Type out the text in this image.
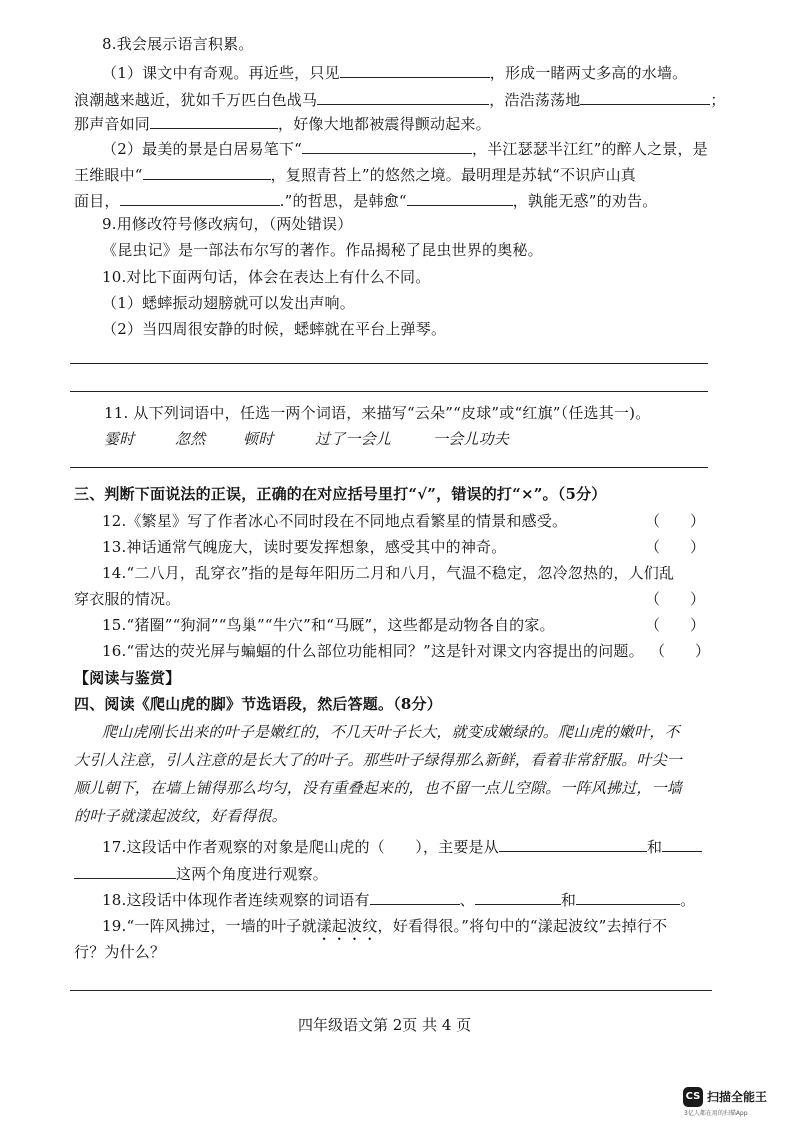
8.我会展示语言积累。
（1）课文中有奇观。再近些，只见	，形成一睹两丈多高的水墙。
浪潮越来越近，犹如千万匹白色战马	，浩浩荡荡地	；
那声音如同	，好像大地都被震得颤动起来。
（2）最美的景是白居易笔下“	，半江瑟瑟半江红”的醉人之景，是
王维眼中“	，复照青苔上”的悠然之境。最明理是苏轼“不识庐山真
面目，	.”的哲思，是韩愈“	，孰能无惑”的劝告。
9.用修改符号修改病句，（两处错误）
《昆虫记》是一部法布尔写的著作。作品揭秘了昆虫世界的奥秘。
10.对比下面两句话，体会在表达上有什么不同。
（1）蟋蟀振动翅膀就可以发出声响。
（2）当四周很安静的时候，蟋蟀就在平台上弹琴。
11. 从下列词语中，任选一两个词语，来描写“云朵”“皮球”或“红旗”（任选其一)。
霎时	忽然	顿时	过了一会儿	一会儿功夫
三、判断下面说法的正误，正确的在对应括号里打“√”，错误的打“×”。（5分）
12.《繁星》写了作者冰心不同时段在不同地点看繁星的情景和感受。	（　　）
13.神话通常气魄庞大，读时要发挥想象，感受其中的神奇。	（　　）
14.“二八月，乱穿衣”指的是每年阳历二月和八月，气温不稳定，忽冷忽热的，人们乱
穿衣服的情况。	（　　）
15.“猪圈”“狗洞”“鸟巢”“牛穴”和“马厩”，这些都是动物各自的家。	（　　）
16.“雷达的荧光屏与蝙蝠的什么部位功能相同？”这是针对课文内容提出的问题。 （　　）
【阅读与鉴赏】
四、阅读《爬山虎的脚》节选语段，然后答题。（8分）
爬山虎刚长出来的叶子是嫩红的，不几天叶子长大，就变成嫩绿的。爬山虎的嫩叶，不
大引人注意，引人注意的是长大了的叶子。那些叶子绿得那么新鲜，看着非常舒服。叶尖一
顺儿朝下，在墙上铺得那么均匀，没有重叠起来的，也不留一点儿空隙。一阵风拂过，一墙
的叶子就漾起波纹，好看得很。
17.这段话中作者观察的对象是爬山虎的（　　），主要是从	和
这两个角度进行观察。
18.这段话中体现作者连续观察的词语有	、	和	。
19.“一阵风拂过，一墙的叶子就漾起波纹，好看得很。”将句中的“漾起波纹”去掉行不
行？为什么？
四年级语文第 2页 共 4 页
CS 扫描全能王
3亿人都在用的扫描App
